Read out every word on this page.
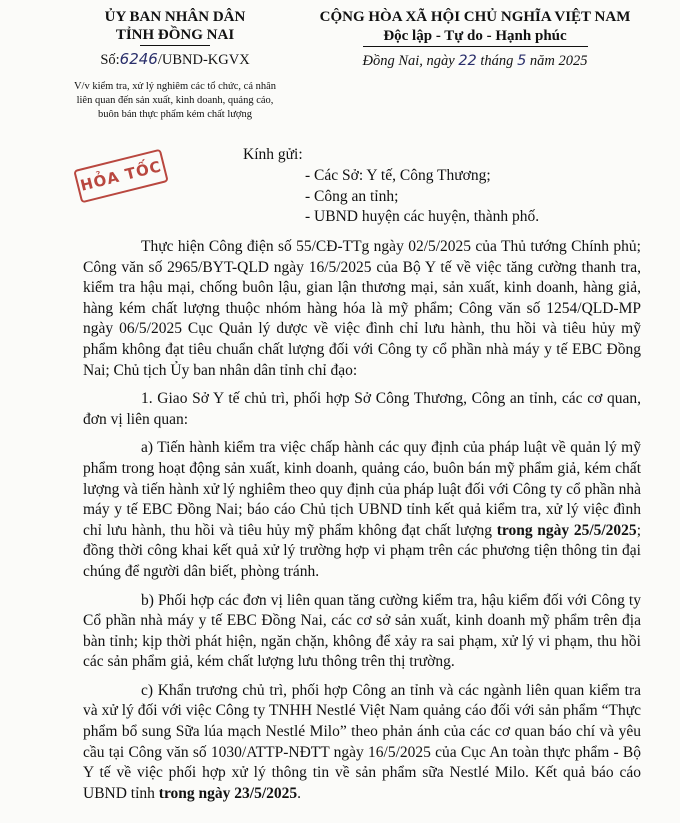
ỦY BAN NHÂN DÂN
TỈNH ĐỒNG NAI
Số:6246/UBND-KGVX
CỘNG HÒA XÃ HỘI CHỦ NGHĨA VIỆT NAM
Độc lập - Tự do - Hạnh phúc
Đồng Nai, ngày 22 tháng 5 năm 2025
V/v kiểm tra, xử lý nghiêm các tổ chức, cá nhân
liên quan đến sản xuất, kinh doanh, quảng cáo,
buôn bán thực phẩm kém chất lượng
HỎA TỐC
Kính gửi:
- Các Sở: Y tế, Công Thương;
- Công an tỉnh;
- UBND huyện các huyện, thành phố.

Thực hiện Công điện số 55/CĐ-TTg ngày 02/5/2025 của Thủ tướng Chính phủ; Công văn số 2965/BYT-QLD ngày 16/5/2025 của Bộ Y tế về việc tăng cường thanh tra, kiểm tra hậu mại, chống buôn lậu, gian lận thương mại, sản xuất, kinh doanh, hàng giả, hàng kém chất lượng thuộc nhóm hàng hóa là mỹ phẩm; Công văn số 1254/QLD-MP ngày 06/5/2025 Cục Quản lý dược về việc đình chỉ lưu hành, thu hồi và tiêu hủy mỹ phẩm không đạt tiêu chuẩn chất lượng đối với Công ty cổ phần nhà máy y tế EBC Đồng Nai; Chủ tịch Ủy ban nhân dân tỉnh chỉ đạo:

1. Giao Sở Y tế chủ trì, phối hợp Sở Công Thương, Công an tỉnh, các cơ quan, đơn vị liên quan:

a) Tiến hành kiểm tra việc chấp hành các quy định của pháp luật về quản lý mỹ phẩm trong hoạt động sản xuất, kinh doanh, quảng cáo, buôn bán mỹ phẩm giả, kém chất lượng và tiến hành xử lý nghiêm theo quy định của pháp luật đối với Công ty cổ phần nhà máy y tế EBC Đồng Nai; báo cáo Chủ tịch UBND tỉnh kết quả kiểm tra, xử lý việc đình chỉ lưu hành, thu hồi và tiêu hủy mỹ phẩm không đạt chất lượng trong ngày 25/5/2025; đồng thời công khai kết quả xử lý trường hợp vi phạm trên các phương tiện thông tin đại chúng để người dân biết, phòng tránh.

b) Phối hợp các đơn vị liên quan tăng cường kiểm tra, hậu kiểm đối với Công ty Cổ phần nhà máy y tế EBC Đồng Nai, các cơ sở sản xuất, kinh doanh mỹ phẩm trên địa bàn tỉnh; kịp thời phát hiện, ngăn chặn, không để xảy ra sai phạm, xử lý vi phạm, thu hồi các sản phẩm giả, kém chất lượng lưu thông trên thị trường.

c) Khẩn trương chủ trì, phối hợp Công an tỉnh và các ngành liên quan kiểm tra và xử lý đối với việc Công ty TNHH Nestlé Việt Nam quảng cáo đối với sản phẩm “Thực phẩm bổ sung Sữa lúa mạch Nestlé Milo” theo phản ánh của các cơ quan báo chí và yêu cầu tại Công văn số 1030/ATTP-NĐTT ngày 16/5/2025 của Cục An toàn thực phẩm - Bộ Y tế về việc phối hợp xử lý thông tin về sản phẩm sữa Nestlé Milo. Kết quả báo cáo UBND tỉnh trong ngày 23/5/2025.
